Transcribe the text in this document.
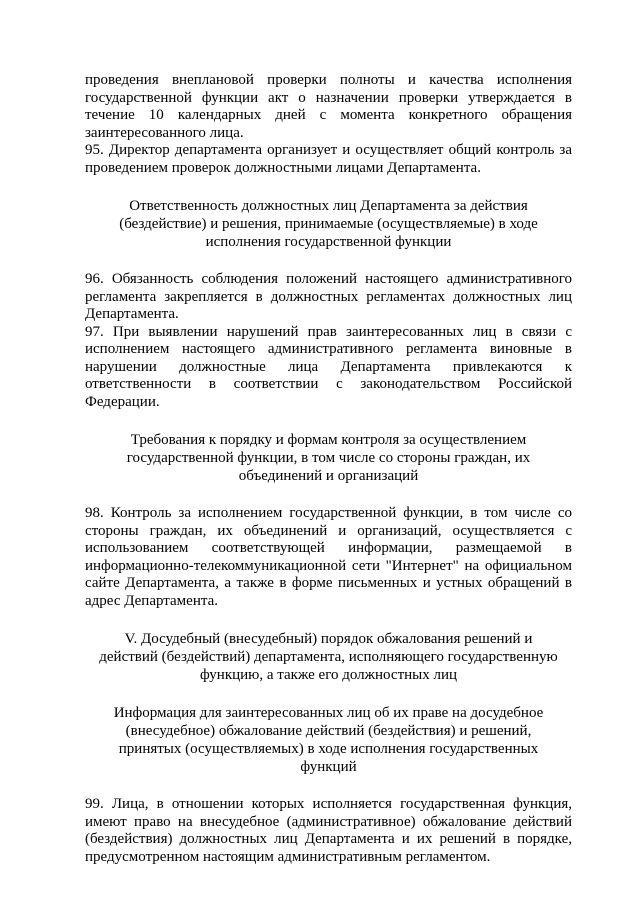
проведения внеплановой проверки полноты и качества исполнения государственной функции акт о назначении проверки утверждается в течение 10 календарных дней с момента конкретного обращения заинтересованного лица.

95. Директор департамента организует и осуществляет общий контроль за проведением проверок должностными лицами Департамента.

Ответственность должностных лиц Департамента за действия (бездействие) и решения, принимаемые (осуществляемые) в ходе исполнения государственной функции

96. Обязанность соблюдения положений настоящего административного регламента закрепляется в должностных регламентах должностных лиц Департамента.

97. При выявлении нарушений прав заинтересованных лиц в связи с исполнением настоящего административного регламента виновные в нарушении должностные лица Департамента привлекаются к ответственности в соответствии с законодательством Российской Федерации.

Требования к порядку и формам контроля за осуществлением государственной функции, в том числе со стороны граждан, их объединений и организаций

98. Контроль за исполнением государственной функции, в том числе со стороны граждан, их объединений и организаций, осуществляется с использованием соответствующей информации, размещаемой в информационно-телекоммуникационной сети "Интернет" на официальном сайте Департамента, а также в форме письменных и устных обращений в адрес Департамента.

V. Досудебный (внесудебный) порядок обжалования решений и действий (бездействий) департамента, исполняющего государственную функцию, а также его должностных лиц

Информация для заинтересованных лиц об их праве на досудебное (внесудебное) обжалование действий (бездействия) и решений, принятых (осуществляемых) в ходе исполнения государственных функций

99. Лица, в отношении которых исполняется государственная функция, имеют право на внесудебное (административное) обжалование действий (бездействия) должностных лиц Департамента и их решений в порядке, предусмотренном настоящим административным регламентом.
